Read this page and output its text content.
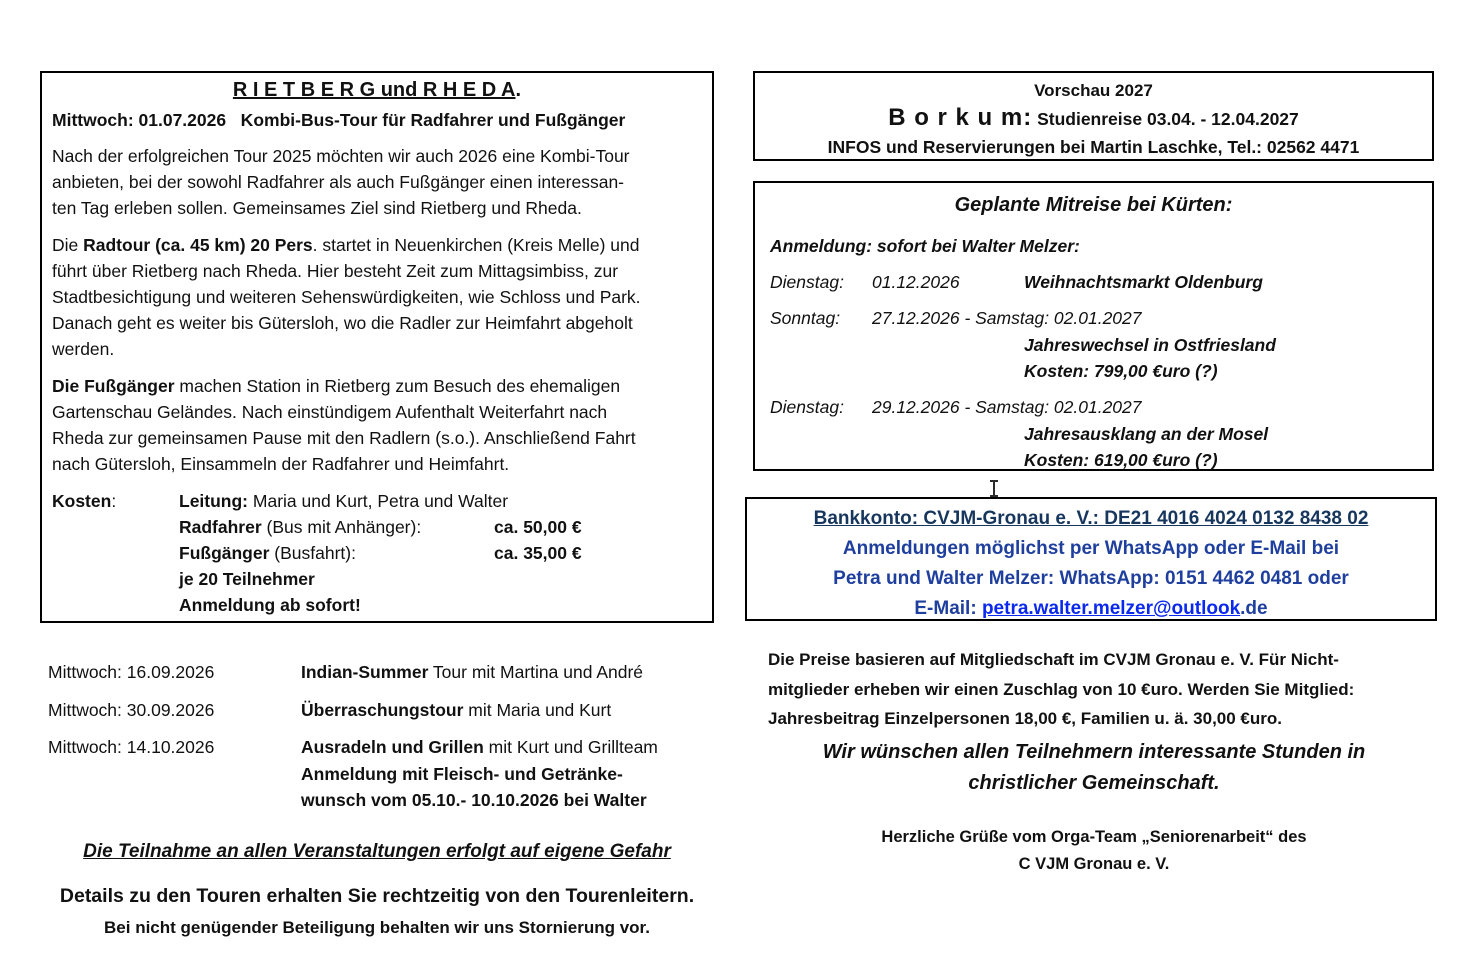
R I E T B E R G und R H E D A.
Mittwoch: 01.07.2026   Kombi-Bus-Tour für Radfahrer und Fußgänger
Nach der erfolgreichen Tour 2025 möchten wir auch 2026 eine Kombi-Tour
anbieten, bei der sowohl Radfahrer als auch Fußgänger einen interessan-
ten Tag erleben sollen. Gemeinsames Ziel sind Rietberg und Rheda.
Die Radtour (ca. 45 km) 20 Pers. startet in Neuenkirchen (Kreis Melle) und
führt über Rietberg nach Rheda. Hier besteht Zeit zum Mittagsimbiss, zur
Stadtbesichtigung und weiteren Sehenswürdigkeiten, wie Schloss und Park.
Danach geht es weiter bis Gütersloh, wo die Radler zur Heimfahrt abgeholt
werden.
Die Fußgänger machen Station in Rietberg zum Besuch des ehemaligen
Gartenschau Geländes. Nach einstündigem Aufenthalt Weiterfahrt nach
Rheda zur gemeinsamen Pause mit den Radlern (s.o.). Anschließend Fahrt
nach Gütersloh, Einsammeln der Radfahrer und Heimfahrt.
Kosten:	Leitung: Maria und Kurt, Petra und Walter
Radfahrer (Bus mit Anhänger):	ca. 50,00 €
Fußgänger (Busfahrt):	ca. 35,00 €
je 20 Teilnehmer
Anmeldung ab sofort!
Mittwoch: 16.09.2026	Indian-Summer Tour mit Martina und André
Mittwoch: 30.09.2026	Überraschungstour mit Maria und Kurt
Mittwoch: 14.10.2026	Ausradeln und Grillen mit Kurt und Grillteam
Anmeldung mit Fleisch- und Getränke-
wunsch vom 05.10.- 10.10.2026 bei Walter
Die Teilnahme an allen Veranstaltungen erfolgt auf eigene Gefahr
Details zu den Touren erhalten Sie rechtzeitig von den Tourenleitern.
Bei nicht genügender Beteiligung behalten wir uns Stornierung vor.
Vorschau 2027
B o r k u m: Studienreise 03.04. - 12.04.2027
INFOS und Reservierungen bei Martin Laschke, Tel.: 02562 4471
Geplante Mitreise bei Kürten:
Anmeldung: sofort bei Walter Melzer:
Dienstag:	01.12.2026	Weihnachtsmarkt Oldenburg
Sonntag:	27.12.2026 - Samstag: 02.01.2027
Jahreswechsel in Ostfriesland
Kosten: 799,00 €uro (?)
Dienstag:	29.12.2026 - Samstag: 02.01.2027
Jahresausklang an der Mosel
Kosten: 619,00 €uro (?)
Bankkonto: CVJM-Gronau e. V.: DE21 4016 4024 0132 8438 02
Anmeldungen möglichst per WhatsApp oder E-Mail bei
Petra und Walter Melzer: WhatsApp: 0151 4462 0481 oder
E-Mail: petra.walter.melzer@outlook.de
Die Preise basieren auf Mitgliedschaft im CVJM Gronau e. V. Für Nicht-
mitglieder erheben wir einen Zuschlag von 10 €uro. Werden Sie Mitglied:
Jahresbeitrag Einzelpersonen 18,00 €, Familien u. ä. 30,00 €uro.
Wir wünschen allen Teilnehmern interessante Stunden in
christlicher Gemeinschaft.
Herzliche Grüße vom Orga-Team „Seniorenarbeit“ des
C VJM Gronau e. V.
